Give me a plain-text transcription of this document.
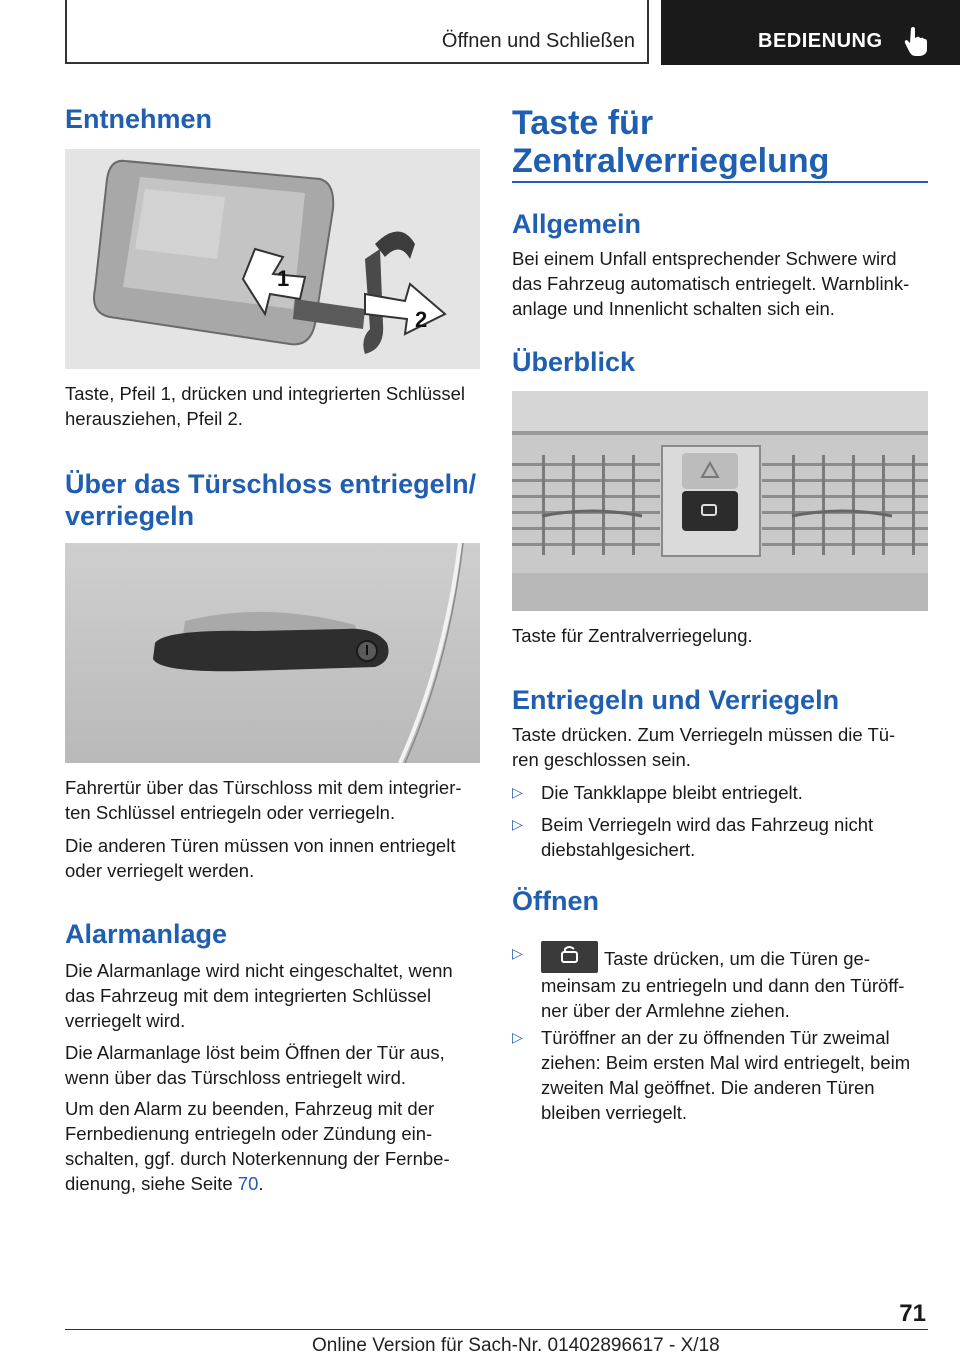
Öffnen und Schließen	BEDIENUNG
Entnehmen
1
2
Taste, Pfeil 1, drücken und integrierten Schlüssel herausziehen, Pfeil 2.
Über das Türschloss entriegeln/
verriegeln
Fahrertür über das Türschloss mit dem integrier-
ten Schlüssel entriegeln oder verriegeln.
Die anderen Türen müssen von innen entriegelt
oder verriegelt werden.
Alarmanlage
Die Alarmanlage wird nicht eingeschaltet, wenn
das Fahrzeug mit dem integrierten Schlüssel
verriegelt wird.
Die Alarmanlage löst beim Öffnen der Tür aus,
wenn über das Türschloss entriegelt wird.
Um den Alarm zu beenden, Fahrzeug mit der
Fernbedienung entriegeln oder Zündung ein-
schalten, ggf. durch Noterkennung der Fernbe-
dienung, siehe Seite 70.
Taste für
Zentralverriegelung
Allgemein
Bei einem Unfall entsprechender Schwere wird
das Fahrzeug automatisch entriegelt. Warnblink-
anlage und Innenlicht schalten sich ein.
Überblick
Taste für Zentralverriegelung.
Entriegeln und Verriegeln
Taste drücken. Zum Verriegeln müssen die Tü-
ren geschlossen sein.
▷ Die Tankklappe bleibt entriegelt.
▷ Beim Verriegeln wird das Fahrzeug nicht
diebstahlgesichert.
Öffnen
▷	Taste drücken, um die Türen ge-
meinsam zu entriegeln und dann den Türöff-
ner über der Armlehne ziehen.
▷ Türöffner an der zu öffnenden Tür zweimal
ziehen: Beim ersten Mal wird entriegelt, beim
zweiten Mal geöffnet. Die anderen Türen
bleiben verriegelt.
71
Online Version für Sach-Nr. 01402896617 - X/18
